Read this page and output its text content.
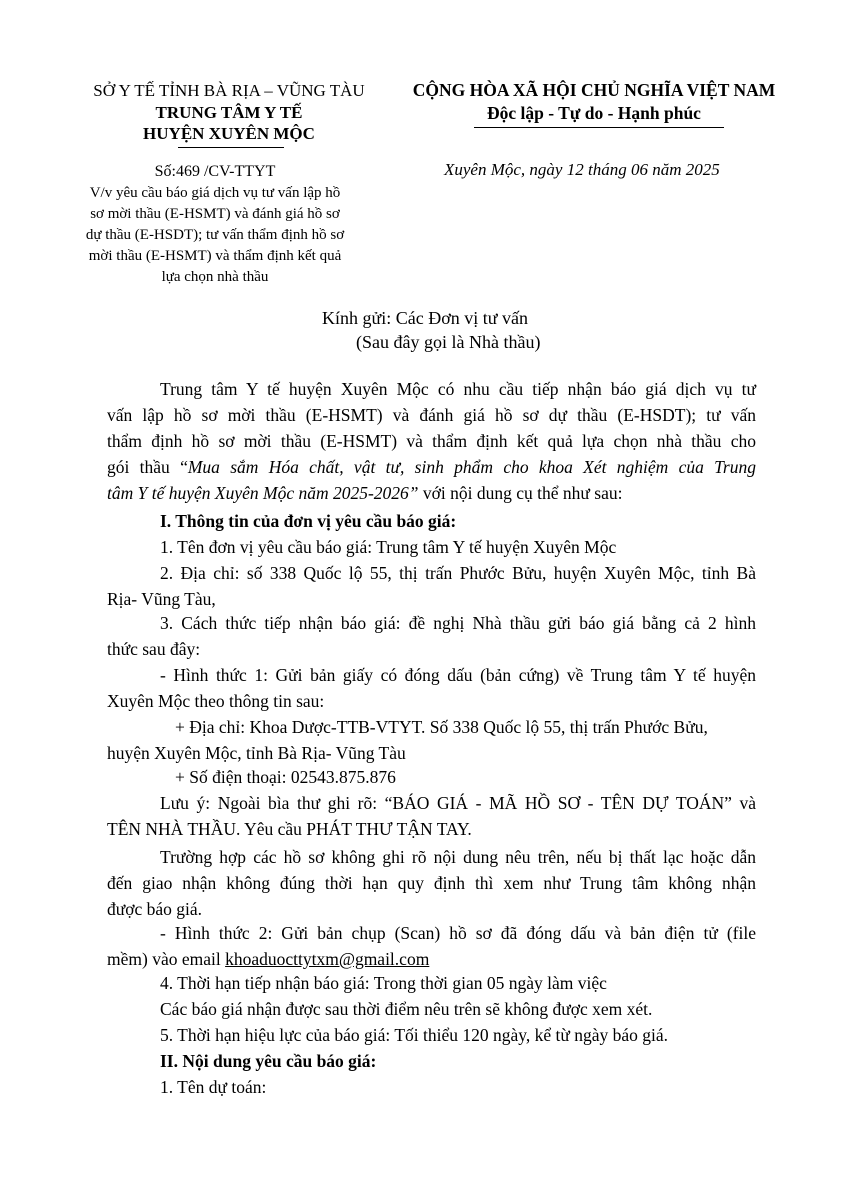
SỞ Y TẾ TỈNH BÀ RỊA – VŨNG TÀU
TRUNG TÂM Y TẾ
HUYỆN XUYÊN MỘC
CỘNG HÒA XÃ HỘI CHỦ NGHĨA VIỆT NAM
Độc lập - Tự do - Hạnh phúc
Số:469 /CV-TTYT
V/v yêu cầu báo giá dịch vụ tư vấn lập hồ
sơ mời thầu (E-HSMT) và đánh giá hồ sơ
dự thầu (E-HSDT); tư vấn thẩm định hồ sơ
mời thầu (E-HSMT) và thẩm định kết quả
lựa chọn nhà thầu
Xuyên Mộc, ngày 12 tháng 06 năm 2025
Kính gửi: Các Đơn vị tư vấn
(Sau đây gọi là Nhà thầu)
Trung tâm Y tế huyện Xuyên Mộc có nhu cầu tiếp nhận báo giá dịch vụ tư
vấn lập hồ sơ mời thầu (E-HSMT) và đánh giá hồ sơ dự thầu (E-HSDT); tư vấn
thẩm định hồ sơ mời thầu (E-HSMT) và thẩm định kết quả lựa chọn nhà thầu cho
gói thầu “Mua sắm Hóa chất, vật tư, sinh phẩm cho khoa Xét nghiệm của Trung
tâm Y tế huyện Xuyên Mộc năm 2025-2026” với nội dung cụ thể như sau:
I. Thông tin của đơn vị yêu cầu báo giá:
1. Tên đơn vị yêu cầu báo giá: Trung tâm Y tế huyện Xuyên Mộc
2. Địa chỉ: số 338 Quốc lộ 55, thị trấn Phước Bửu, huyện Xuyên Mộc, tỉnh Bà
Rịa- Vũng Tàu,
3. Cách thức tiếp nhận báo giá: đề nghị Nhà thầu gửi báo giá bằng cả 2 hình
thức sau đây:
- Hình thức 1: Gửi bản giấy có đóng dấu (bản cứng) về Trung tâm Y tế huyện
Xuyên Mộc theo thông tin sau:
+ Địa chỉ: Khoa Dược-TTB-VTYT. Số 338 Quốc lộ 55, thị trấn Phước Bửu,
huyện Xuyên Mộc, tỉnh Bà Rịa- Vũng Tàu
+ Số điện thoại: 02543.875.876
Lưu ý: Ngoài bìa thư ghi rõ: “BÁO GIÁ - MÃ HỒ SƠ - TÊN DỰ TOÁN” và
TÊN NHÀ THẦU. Yêu cầu PHÁT THƯ TẬN TAY.
Trường hợp các hồ sơ không ghi rõ nội dung nêu trên, nếu bị thất lạc hoặc dẫn
đến giao nhận không đúng thời hạn quy định thì xem như Trung tâm không nhận
được báo giá.
- Hình thức 2: Gửi bản chụp (Scan) hồ sơ đã đóng dấu và bản điện tử (file
mềm) vào email khoaduocttytxm@gmail.com
4. Thời hạn tiếp nhận báo giá: Trong thời gian 05 ngày làm việc
Các báo giá nhận được sau thời điểm nêu trên sẽ không được xem xét.
5. Thời hạn hiệu lực của báo giá: Tối thiểu 120 ngày, kể từ ngày báo giá.
II. Nội dung yêu cầu báo giá:
1. Tên dự toán:
